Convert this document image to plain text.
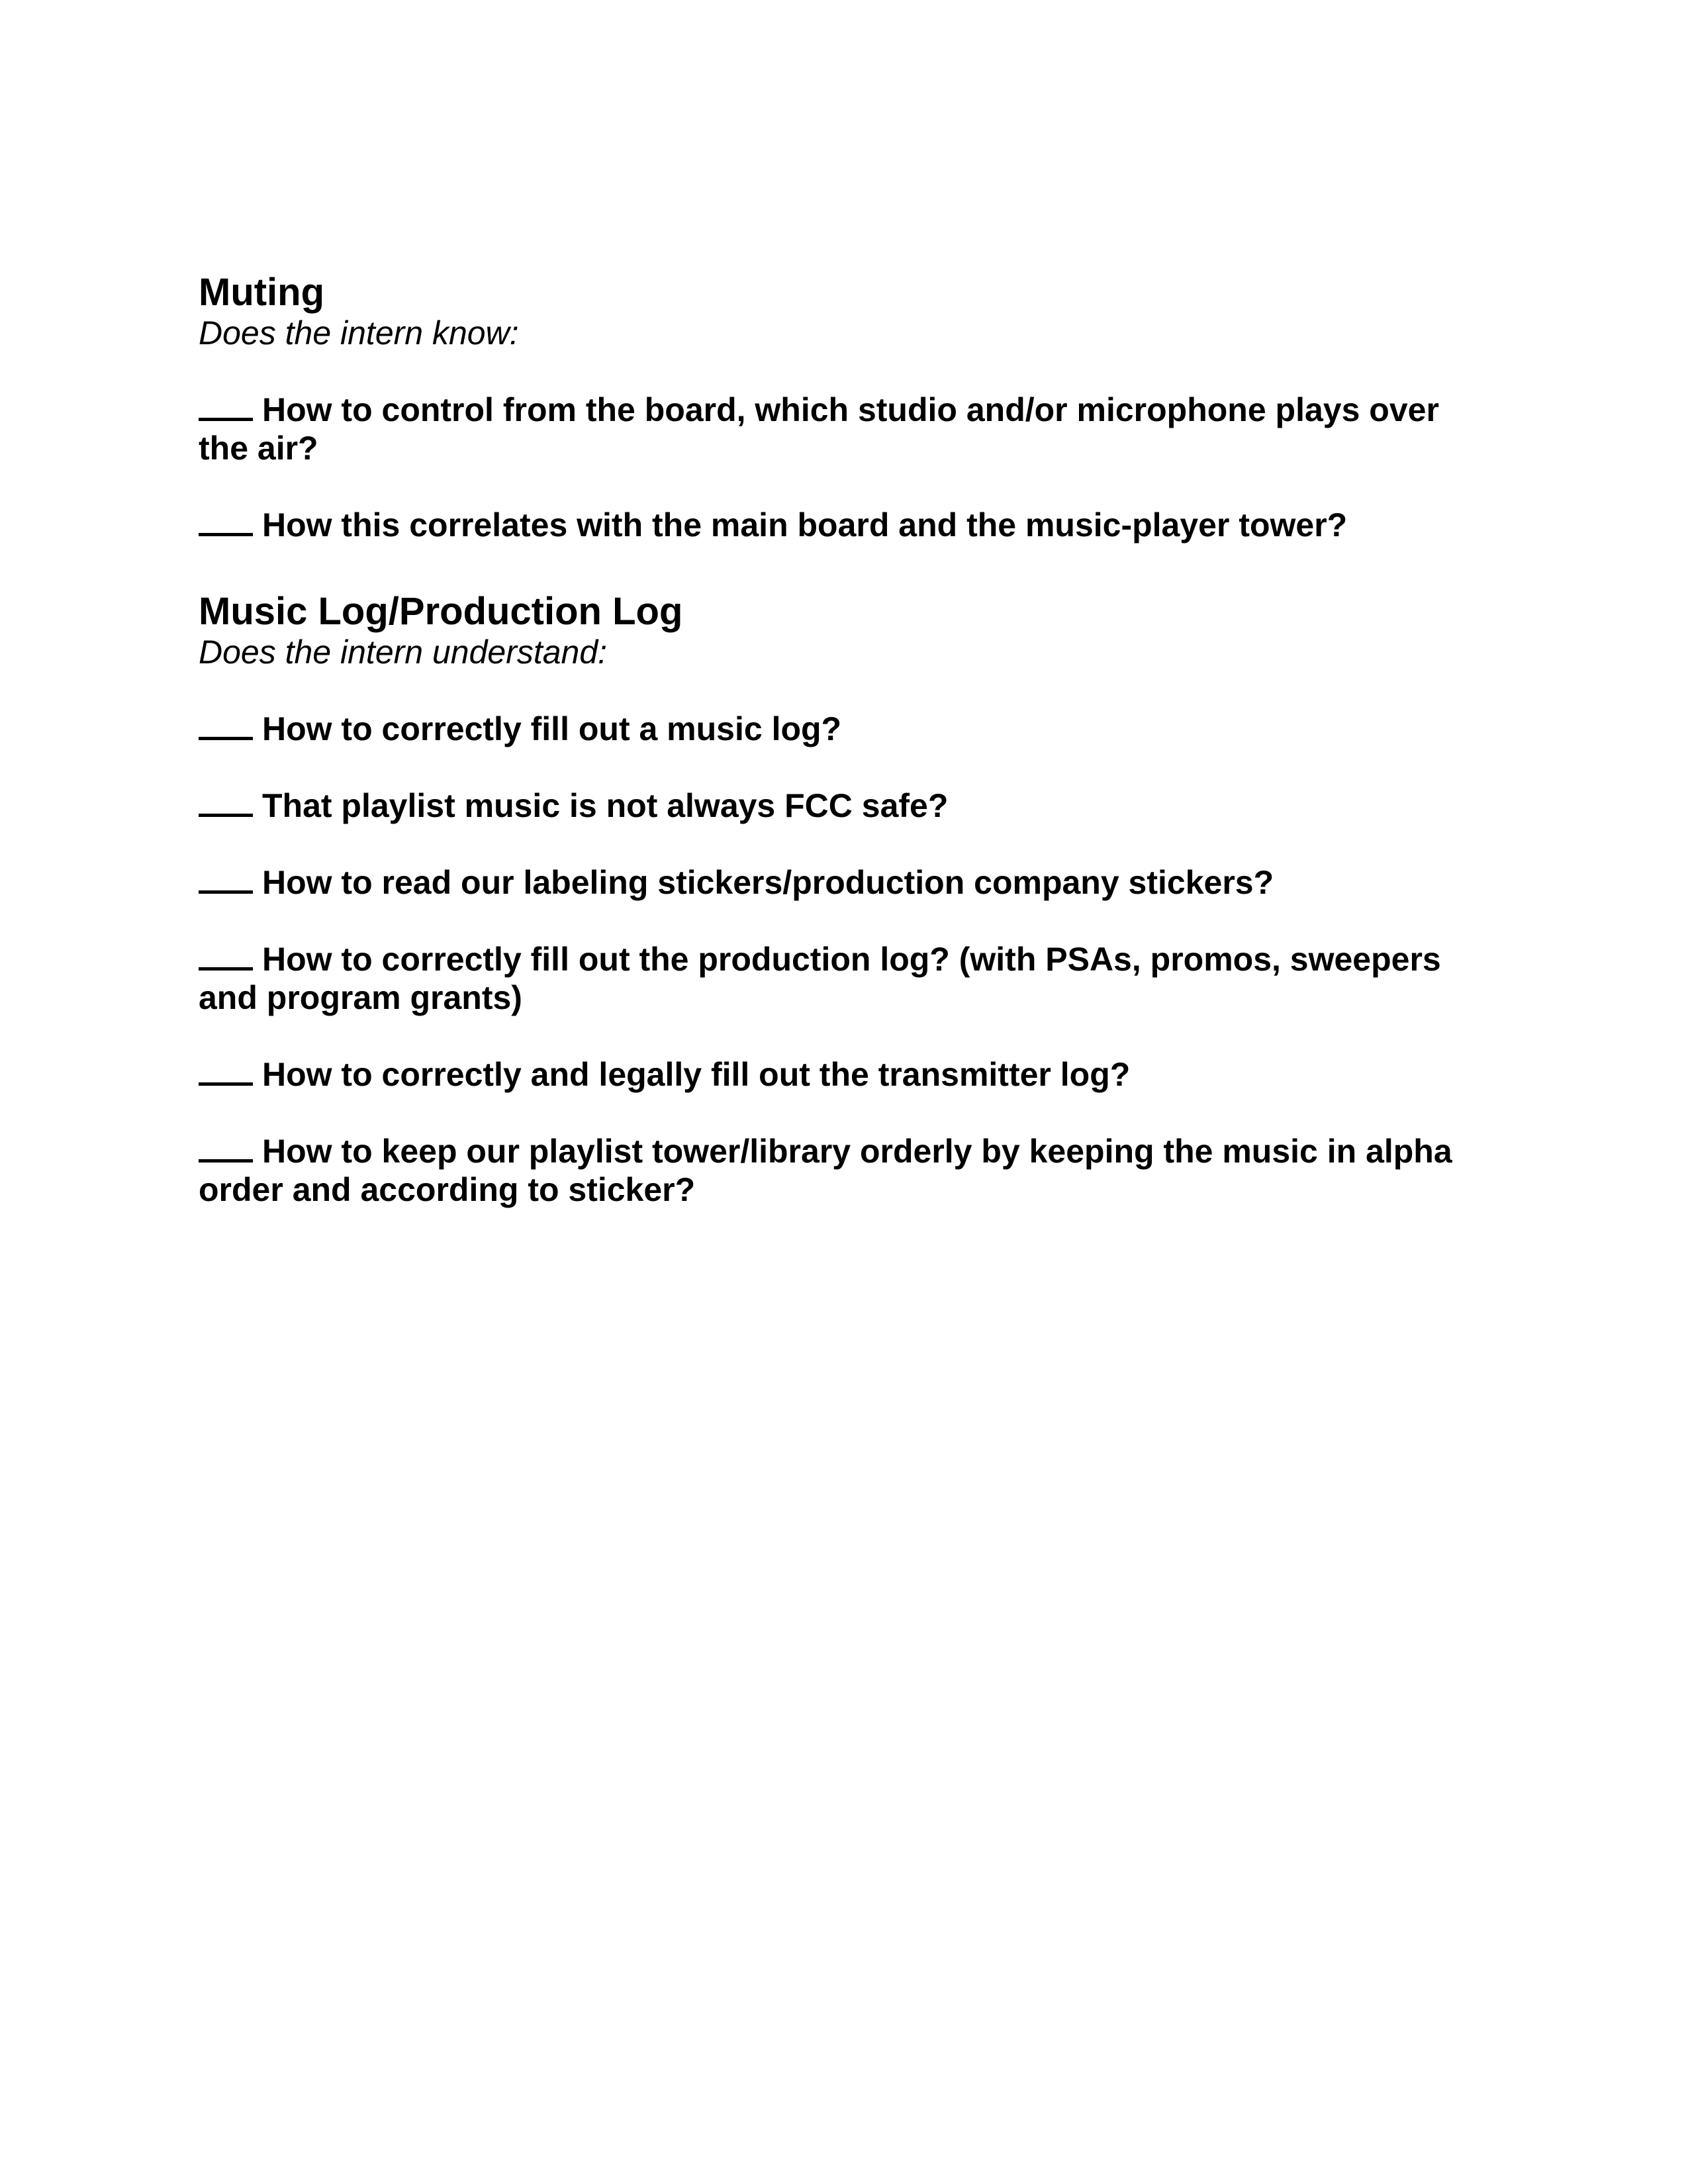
Muting

Does the intern know:

How to control from the board, which studio and/or microphone plays over the air?

How this correlates with the main board and the music-player tower?

Music Log/Production Log

Does the intern understand:

How to correctly fill out a music log?

That playlist music is not always FCC safe?

How to read our labeling stickers/production company stickers?

How to correctly fill out the production log? (with PSAs, promos, sweepers and program grants)

How to correctly and legally fill out the transmitter log?

How to keep our playlist tower/library orderly by keeping the music in alpha order and according to sticker?
